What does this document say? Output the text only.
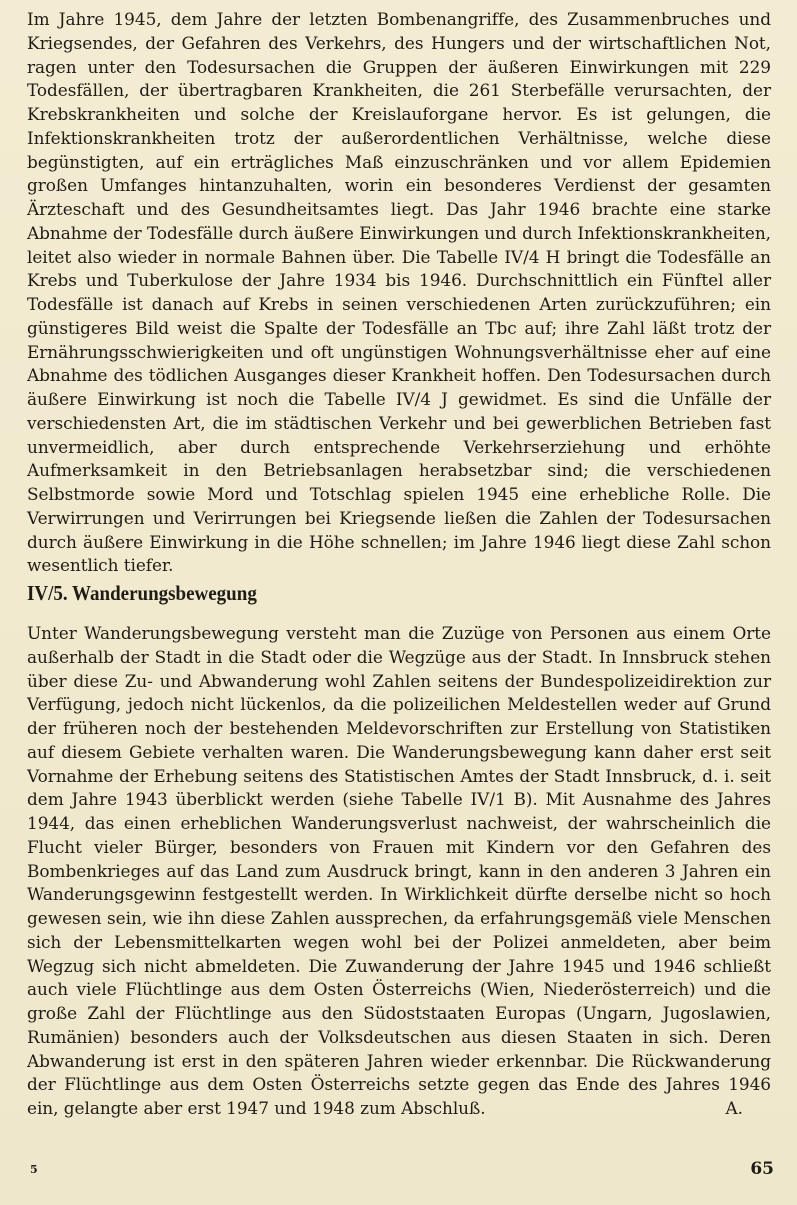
Im Jahre 1945, dem Jahre der letzten Bombenangriffe, des Zusammenbruches und Kriegsendes, der Gefahren des Verkehrs, des Hungers und der wirtschaftlichen Not, ragen unter den Todesursachen die Gruppen der äußeren Einwirkungen mit 229 Todesfällen, der übertragbaren Krankheiten, die 261 Sterbefälle verursachten, der Krebskrankheiten und solche der Kreislauforgane hervor. Es ist gelungen, die Infektionskrankheiten trotz der außerordentlichen Verhältnisse, welche diese begünstigten, auf ein erträgliches Maß einzuschränken und vor allem Epidemien großen Umfanges hintanzuhalten, worin ein besonderes Verdienst der gesamten Ärzteschaft und des Gesundheitsamtes liegt. Das Jahr 1946 brachte eine starke Abnahme der Todesfälle durch äußere Einwirkungen und durch Infektionskrankheiten, leitet also wieder in normale Bahnen über. Die Tabelle IV/4 H bringt die Todesfälle an Krebs und Tuberkulose der Jahre 1934 bis 1946. Durchschnittlich ein Fünftel aller Todesfälle ist danach auf Krebs in seinen verschiedenen Arten zurückzuführen; ein günstigeres Bild weist die Spalte der Todesfälle an Tbc auf; ihre Zahl läßt trotz der Ernährungsschwierigkeiten und oft ungünstigen Wohnungsverhältnisse eher auf eine Abnahme des tödlichen Ausganges dieser Krankheit hoffen. Den Todesursachen durch äußere Einwirkung ist noch die Tabelle IV/4 J gewidmet. Es sind die Unfälle der verschiedensten Art, die im städtischen Verkehr und bei gewerblichen Betrieben fast unvermeidlich, aber durch entsprechende Verkehrserziehung und erhöhte Aufmerksamkeit in den Betriebsanlagen herabsetzbar sind; die verschiedenen Selbstmorde sowie Mord und Totschlag spielen 1945 eine erhebliche Rolle. Die Verwirrungen und Verirrungen bei Kriegsende ließen die Zahlen der Todesursachen durch äußere Einwirkung in die Höhe schnellen; im Jahre 1946 liegt diese Zahl schon wesentlich tiefer.
IV/5. Wanderungsbewegung
Unter Wanderungsbewegung versteht man die Zuzüge von Personen aus einem Orte außerhalb der Stadt in die Stadt oder die Wegzüge aus der Stadt. In Innsbruck stehen über diese Zu- und Abwanderung wohl Zahlen seitens der Bundespolizeidirektion zur Verfügung, jedoch nicht lückenlos, da die polizeilichen Meldestellen weder auf Grund der früheren noch der bestehenden Meldevorschriften zur Erstellung von Statistiken auf diesem Gebiete verhalten waren. Die Wanderungsbewegung kann daher erst seit Vornahme der Erhebung seitens des Statistischen Amtes der Stadt Innsbruck, d. i. seit dem Jahre 1943 überblickt werden (siehe Tabelle IV/1 B). Mit Ausnahme des Jahres 1944, das einen erheblichen Wanderungsverlust nachweist, der wahrscheinlich die Flucht vieler Bürger, besonders von Frauen mit Kindern vor den Gefahren des Bombenkrieges auf das Land zum Ausdruck bringt, kann in den anderen 3 Jahren ein Wanderungsgewinn festgestellt werden. In Wirklichkeit dürfte derselbe nicht so hoch gewesen sein, wie ihn diese Zahlen aussprechen, da erfahrungsgemäß viele Menschen sich der Lebensmittelkarten wegen wohl bei der Polizei anmeldeten, aber beim Wegzug sich nicht abmeldeten. Die Zuwanderung der Jahre 1945 und 1946 schließt auch viele Flüchtlinge aus dem Osten Österreichs (Wien, Niederösterreich) und die große Zahl der Flüchtlinge aus den Südoststaaten Europas (Ungarn, Jugoslawien, Rumänien) besonders auch der Volksdeutschen aus diesen Staaten in sich. Deren Abwanderung ist erst in den späteren Jahren wieder erkennbar. Die Rückwanderung der Flüchtlinge aus dem Osten Österreichs setzte gegen das Ende des Jahres 1946 ein, gelangte aber erst 1947 und 1948 zum Abschluß.	A.
5	65
